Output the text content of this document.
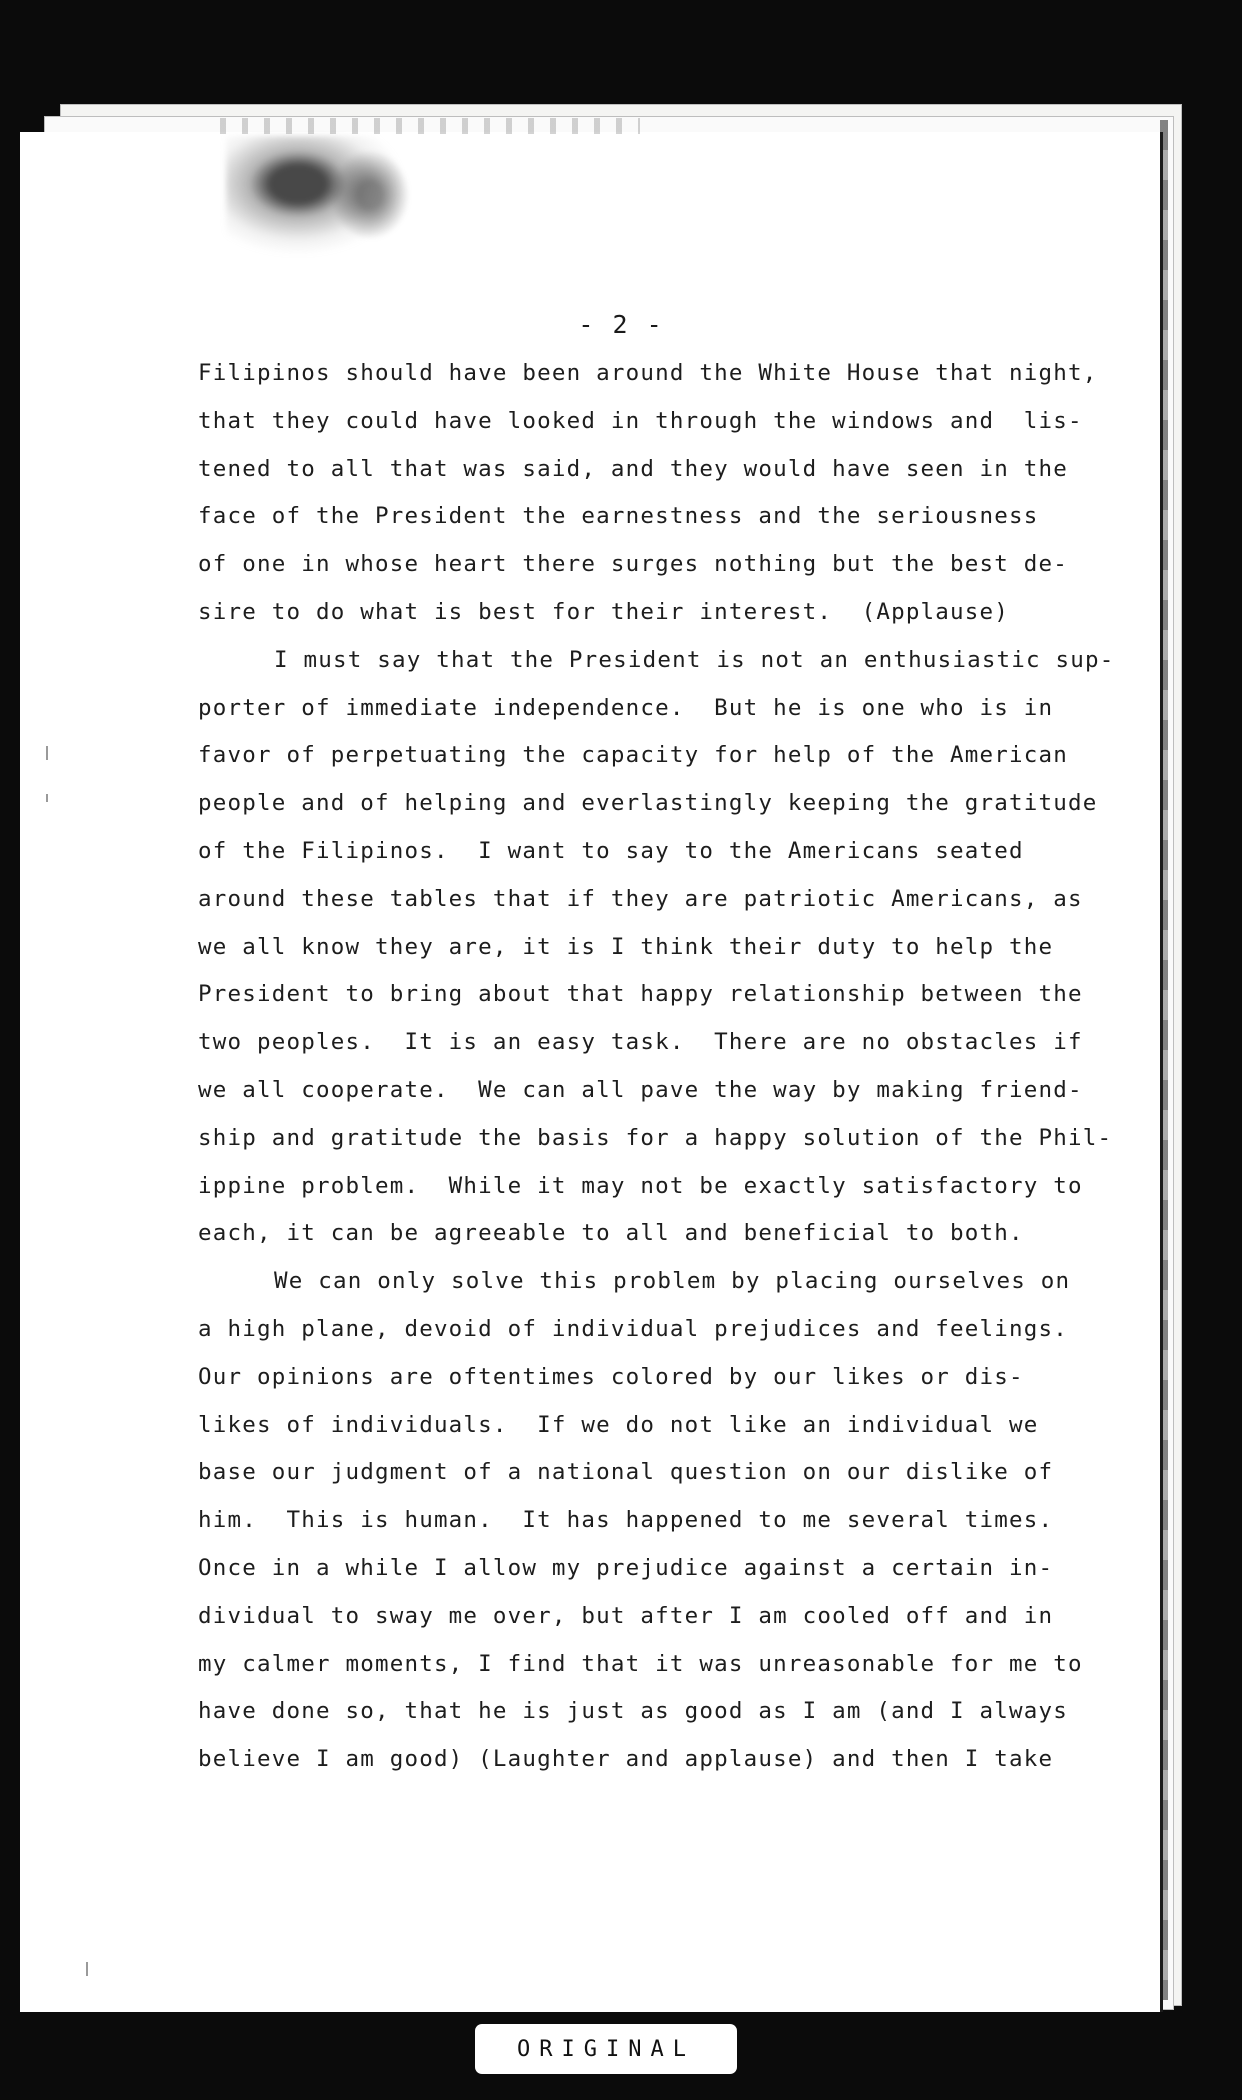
- 2 -
Filipinos should have been around the White House that night,
that they could have looked in through the windows and  lis-
tened to all that was said, and they would have seen in the
face of the President the earnestness and the seriousness
of one in whose heart there surges nothing but the best de-
sire to do what is best for their interest.  (Applause)
I must say that the President is not an enthusiastic sup-
porter of immediate independence.  But he is one who is in
favor of perpetuating the capacity for help of the American
people and of helping and everlastingly keeping the gratitude
of the Filipinos.  I want to say to the Americans seated
around these tables that if they are patriotic Americans, as
we all know they are, it is I think their duty to help the
President to bring about that happy relationship between the
two peoples.  It is an easy task.  There are no obstacles if
we all cooperate.  We can all pave the way by making friend-
ship and gratitude the basis for a happy solution of the Phil-
ippine problem.  While it may not be exactly satisfactory to
each, it can be agreeable to all and beneficial to both.
We can only solve this problem by placing ourselves on
a high plane, devoid of individual prejudices and feelings.
Our opinions are oftentimes colored by our likes or dis-
likes of individuals.  If we do not like an individual we
base our judgment of a national question on our dislike of
him.  This is human.  It has happened to me several times.
Once in a while I allow my prejudice against a certain in-
dividual to sway me over, but after I am cooled off and in
my calmer moments, I find that it was unreasonable for me to
have done so, that he is just as good as I am (and I always
believe I am good) (Laughter and applause) and then I take
ORIGINAL
